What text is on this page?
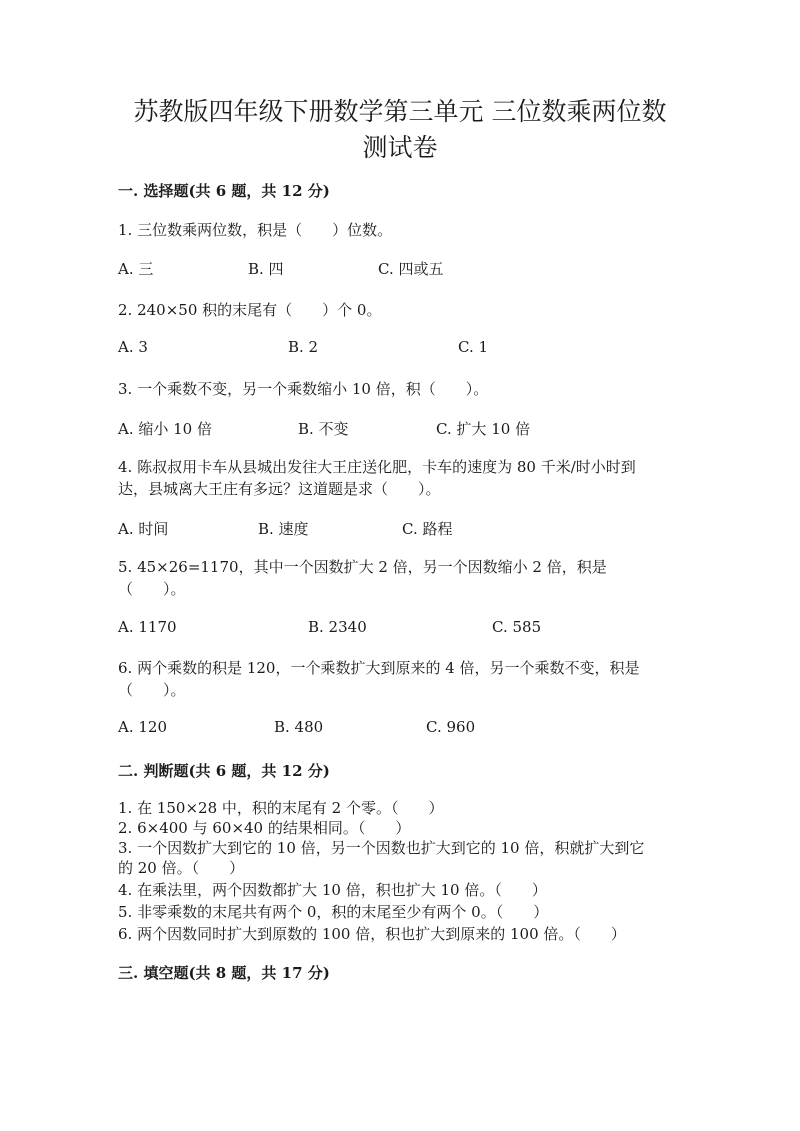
苏教版四年级下册数学第三单元 三位数乘两位数
测试卷
一. 选择题(共 6 题，共 12 分)
1. 三位数乘两位数，积是（　　）位数。
A. 三	B. 四	C. 四或五
2. 240×50 积的末尾有（　　）个 0。
A. 3	B. 2	C. 1
3. 一个乘数不变，另一个乘数缩小 10 倍，积（　　）。
A. 缩小 10 倍	B. 不变	C. 扩大 10 倍
4. 陈叔叔用卡车从县城出发往大王庄送化肥，卡车的速度为 80 千米/时小时到
达，县城离大王庄有多远？这道题是求（　　）。
A. 时间	B. 速度	C. 路程
5. 45×26=1170，其中一个因数扩大 2 倍，另一个因数缩小 2 倍，积是
（　　）。
A. 1170	B. 2340	C. 585
6. 两个乘数的积是 120，一个乘数扩大到原来的 4 倍，另一个乘数不变，积是
（　　）。
A. 120	B. 480	C. 960
二. 判断题(共 6 题，共 12 分)
1. 在 150×28 中，积的末尾有 2 个零。（　　）
2. 6×400 与 60×40 的结果相同。（　　）
3. 一个因数扩大到它的 10 倍，另一个因数也扩大到它的 10 倍，积就扩大到它
的 20 倍。（　　）
4. 在乘法里，两个因数都扩大 10 倍，积也扩大 10 倍。（　　）
5. 非零乘数的末尾共有两个 0，积的末尾至少有两个 0。（　　）
6. 两个因数同时扩大到原数的 100 倍，积也扩大到原来的 100 倍。（　　）
三. 填空题(共 8 题，共 17 分)
